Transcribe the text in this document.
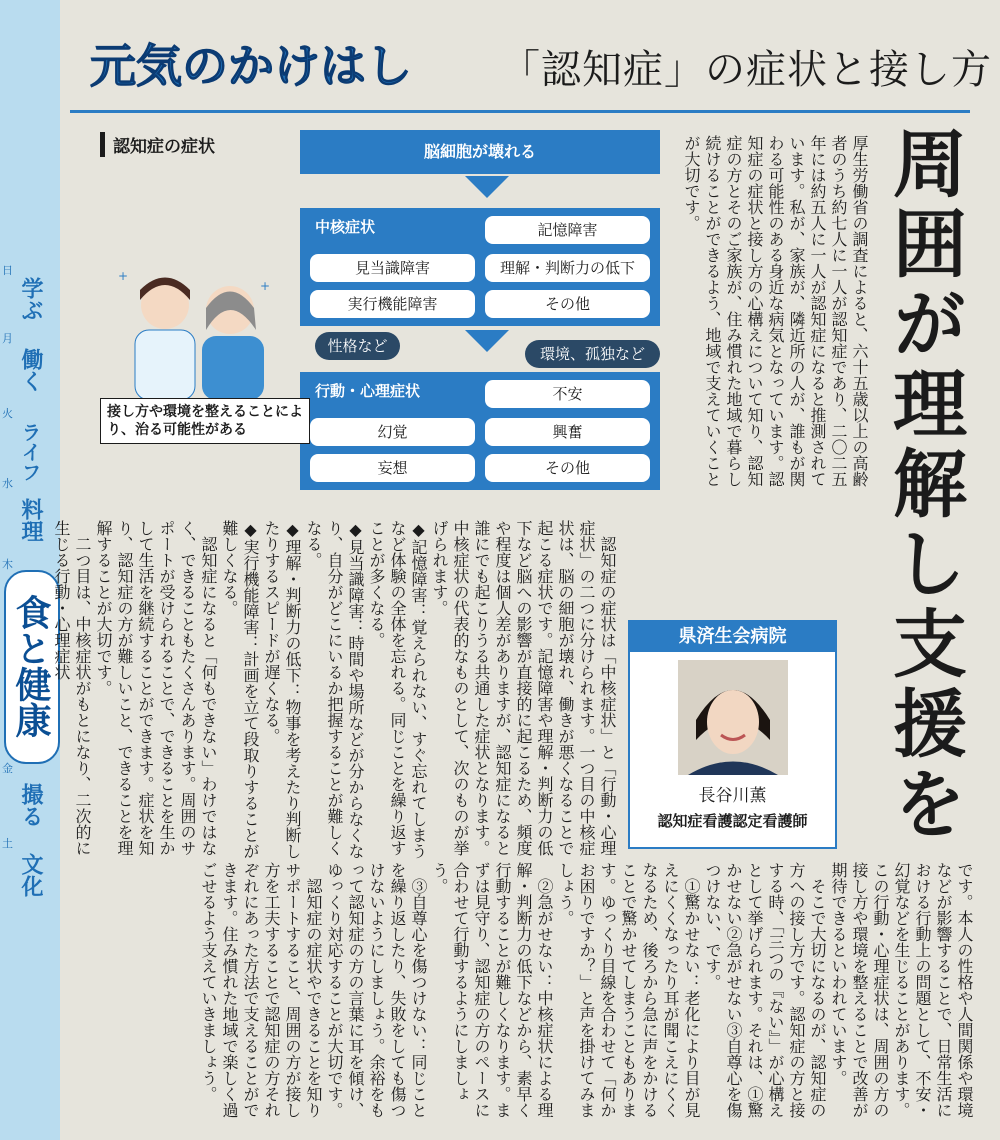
日
学ぶ
月
働く
火
ライフ
水
料理
木
食と健康
金
撮る
土
文化
元気のかけはし	「認知症」の症状と接し方
周囲が理解し支援を

厚生労働省の調査によると、六十五歳以上の高齢者のうち約七人に一人が認知症であり、二〇二五年には約五人に一人が認知症になると推測されています。私が、家族が、隣近所の人が、誰もが関わる可能性のある身近な病気となっています。認知症の症状と接し方の心構えについて知り、認知症の方とそのご家族が、住み慣れた地域で暮らし続けることができるよう、地域で支えていくことが大切です。

認知症の症状	脳細胞が壊れる
中核症状	記憶障害
見当識障害	理解・判断力の低下
実行機能障害	その他
性格など	環境、孤独など
行動・心理症状	不安
幻覚	興奮
妄想	その他
+
+
接し方や環境を整えることにより、治る可能性がある

認知症の症状は「中核症状」と「行動・心理症状」の二つに分けられます。一つ目の中核症状は、脳の細胞が壊れ、働きが悪くなることで起こる症状です。記憶障害や理解・判断力の低下など脳への影響が直接的に起こるため、頻度や程度は個人差がありますが、認知症になると誰にでも起こりうる共通した症状となります。中核症状の代表的なものとして、次のものが挙げられます。

◆記憶障害：覚えられない、すぐ忘れてしまうなど体験の全体を忘れる。同じことを繰り返すことが多くなる。

◆見当識障害：時間や場所などが分からなくなり、自分がどこにいるか把握することが難しくなる。

◆理解・判断力の低下：物事を考えたり判断したりするスピードが遅くなる。

◆実行機能障害：計画を立て段取りすることが難しくなる。

認知症になると「何もできない」わけではなく、できることもたくさんあります。周囲のサポートが受けられることで、できることを生かして生活を継続することができます。症状を知り、認知症の方が難しいこと、できることを理解することが大切です。

二つ目は、中核症状がもとになり、二次的に生じる行動・心理症状	県済生会病院
長谷川薫
認知症看護認定看護師

です。本人の性格や人間関係や環境などが影響することで、日常生活における行動上の問題として、不安・幻覚などを生じることがあります。この行動・心理症状は、周囲の方の接し方や環境を整えることで改善が期待できるといわれています。

そこで大切になるのが、認知症の方への接し方です。認知症の方と接する時、「三つの『ない』」が心構えとして挙げられます。それは、①驚かせない②急がせない③自尊心を傷つけない、です。

①驚かせない：老化により目が見えにくくなったり耳が聞こえにくくなるため、後ろから急に声をかけることで驚かせてしまうこともあります。ゆっくり目線を合わせて「何かお困りですか？」と声を掛けてみましょう。

②急がせない：中核症状による理解・判断力の低下などから、素早く行動することが難しくなります。まずは見守り、認知症の方のペースに合わせて行動するようにしましょう。

③自尊心を傷つけない：同じことを繰り返したり、失敗をしても傷つけないようにしましょう。余裕をもって認知症の方の言葉に耳を傾け、ゆっくり対応することが大切です。

認知症の症状やできることを知りサポートすること、周囲の方が接し方を工夫することで認知症の方それぞれにあった方法で支えることができます。住み慣れた地域で楽しく過ごせるよう支えていきましょう。
